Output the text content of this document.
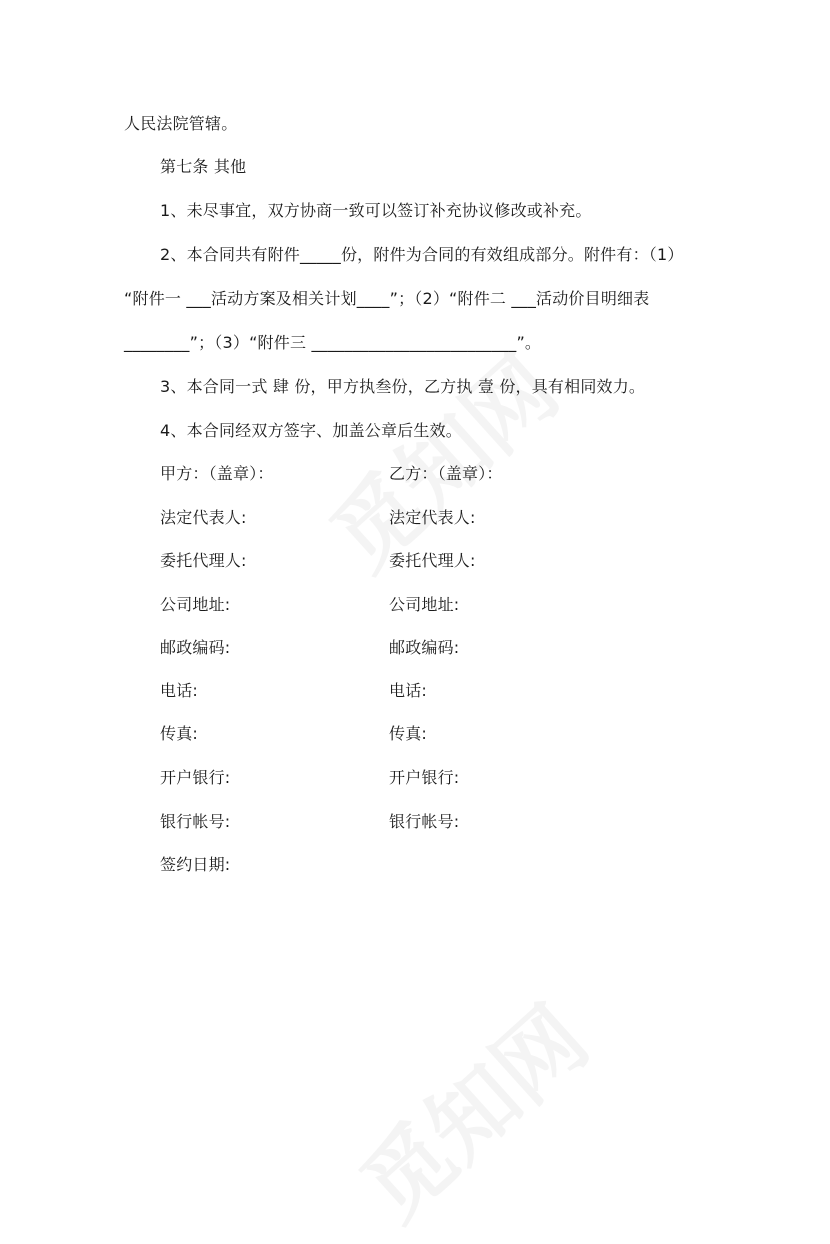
人民法院管辖。
第七条 其他
1、未尽事宜，双方协商一致可以签订补充协议修改或补充。
2、本合同共有附件_____份，附件为合同的有效组成部分。附件有：（1）
“附件一 ___活动方案及相关计划____”；（2）“附件二 ___活动价目明细表
________”；（3）“附件三 _________________________”。
3、本合同一式 肆 份，甲方执叁份，乙方执 壹 份，具有相同效力。
4、本合同经双方签字、加盖公章后生效。
甲方：（盖章）：
法定代表人:
委托代理人:
公司地址:
邮政编码:
电话:
传真:
开户银行:
银行帐号:
签约日期:
乙方：（盖章）：
法定代表人:
委托代理人:
公司地址:
邮政编码:
电话:
传真:
开户银行:
银行帐号:
